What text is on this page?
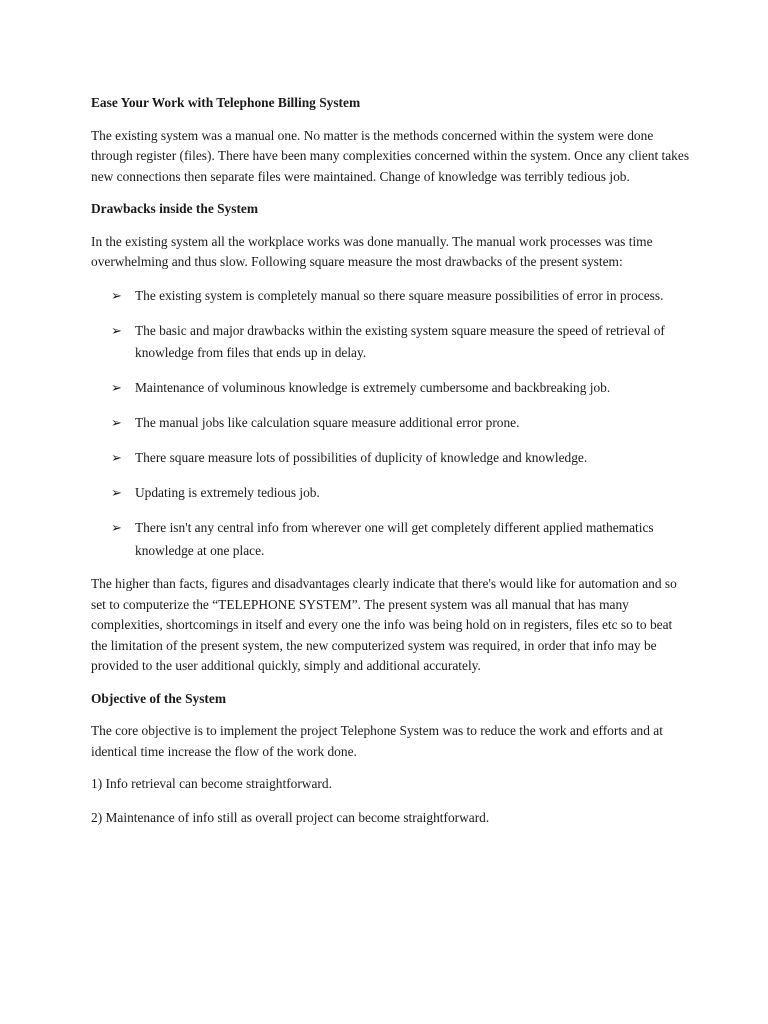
Ease Your Work with Telephone Billing System
The existing system was a manual one. No matter is the methods concerned within the system were done through register (files). There have been many complexities concerned within the system. Once any client takes new connections then separate files were maintained. Change of knowledge was terribly tedious job.
Drawbacks inside the System
In the existing system all the workplace works was done manually. The manual work processes was time overwhelming and thus slow. Following square measure the most drawbacks of the present system:
➢ The existing system is completely manual so there square measure possibilities of error in process.
➢ The basic and major drawbacks within the existing system square measure the speed of retrieval of knowledge from files that ends up in delay.
➢ Maintenance of voluminous knowledge is extremely cumbersome and backbreaking job.
➢ The manual jobs like calculation square measure additional error prone.
➢ There square measure lots of possibilities of duplicity of knowledge and knowledge.
➢ Updating is extremely tedious job.
➢ There isn't any central info from wherever one will get completely different applied mathematics knowledge at one place.
The higher than facts, figures and disadvantages clearly indicate that there's would like for automation and so set to computerize the “TELEPHONE SYSTEM”. The present system was all manual that has many complexities, shortcomings in itself and every one the info was being hold on in registers, files etc so to beat the limitation of the present system, the new computerized system was required, in order that info may be provided to the user additional quickly, simply and additional accurately.
Objective of the System
The core objective is to implement the project Telephone System was to reduce the work and efforts and at identical time increase the flow of the work done.
1) Info retrieval can become straightforward.
2) Maintenance of info still as overall project can become straightforward.
